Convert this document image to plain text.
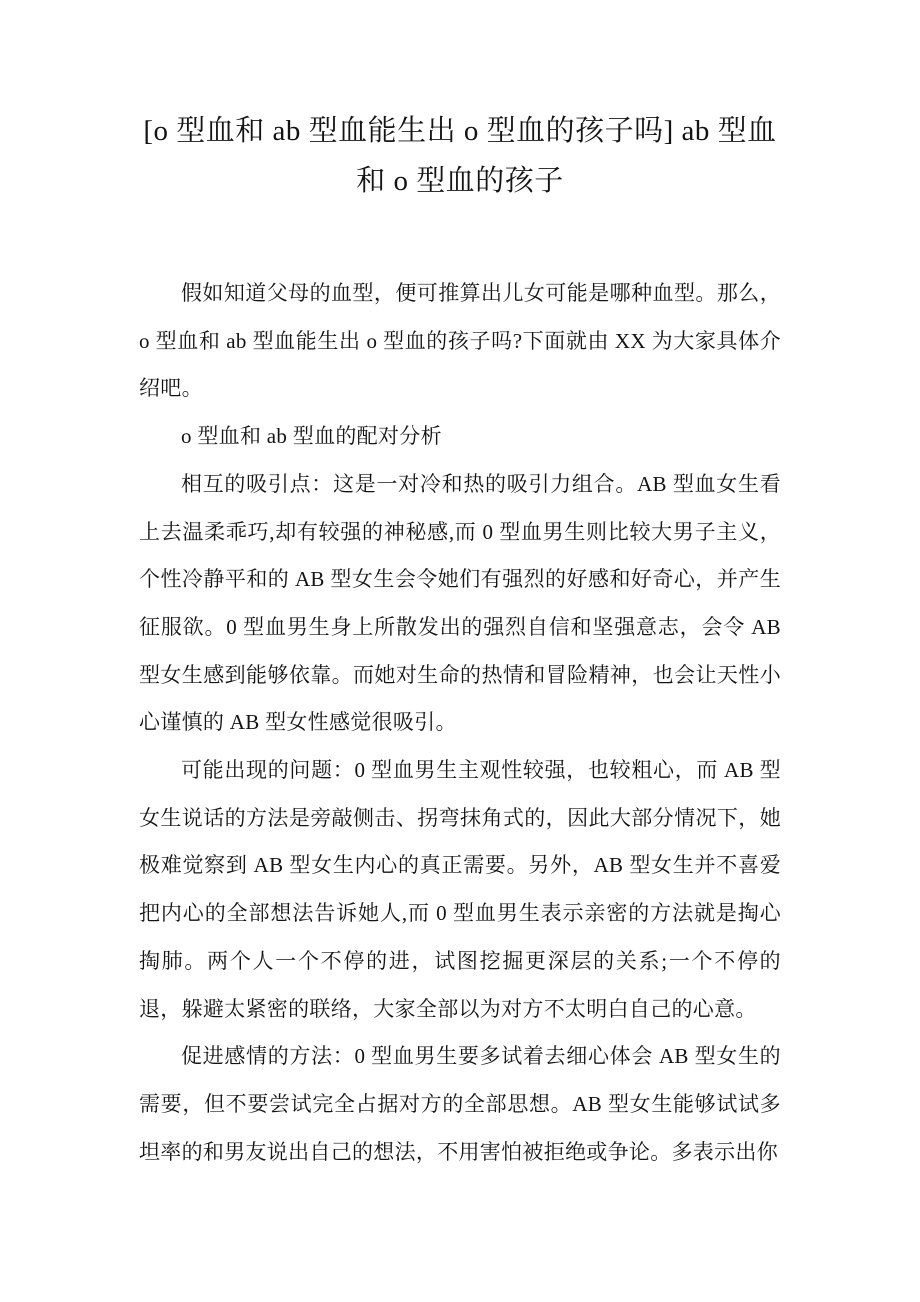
[o 型血和 ab 型血能生出 o 型血的孩子吗] ab 型血和 o 型血的孩子

假如知道父母的血型，便可推算出儿女可能是哪种血型。那么，o 型血和 ab 型血能生出 o 型血的孩子吗?下面就由 XX 为大家具体介绍吧。

o 型血和 ab 型血的配对分析

相互的吸引点：这是一对冷和热的吸引力组合。AB 型血女生看上去温柔乖巧,却有较强的神秘感,而 0 型血男生则比较大男子主义，个性冷静平和的 AB 型女生会令她们有强烈的好感和好奇心，并产生征服欲。0 型血男生身上所散发出的强烈自信和坚强意志，会令 AB 型女生感到能够依靠。而她对生命的热情和冒险精神，也会让天性小心谨慎的 AB 型女性感觉很吸引。

可能出现的问题：0 型血男生主观性较强，也较粗心，而 AB 型女生说话的方法是旁敲侧击、拐弯抹角式的，因此大部分情况下，她极难觉察到 AB 型女生内心的真正需要。另外，AB 型女生并不喜爱把内心的全部想法告诉她人,而 0 型血男生表示亲密的方法就是掏心掏肺。两个人一个不停的进，试图挖掘更深层的关系;一个不停的退，躲避太紧密的联络，大家全部以为对方不太明白自己的心意。

促进感情的方法：0 型血男生要多试着去细心体会 AB 型女生的需要，但不要尝试完全占据对方的全部思想。AB 型女生能够试试多坦率的和男友说出自己的想法，不用害怕被拒绝或争论。多表示出你
